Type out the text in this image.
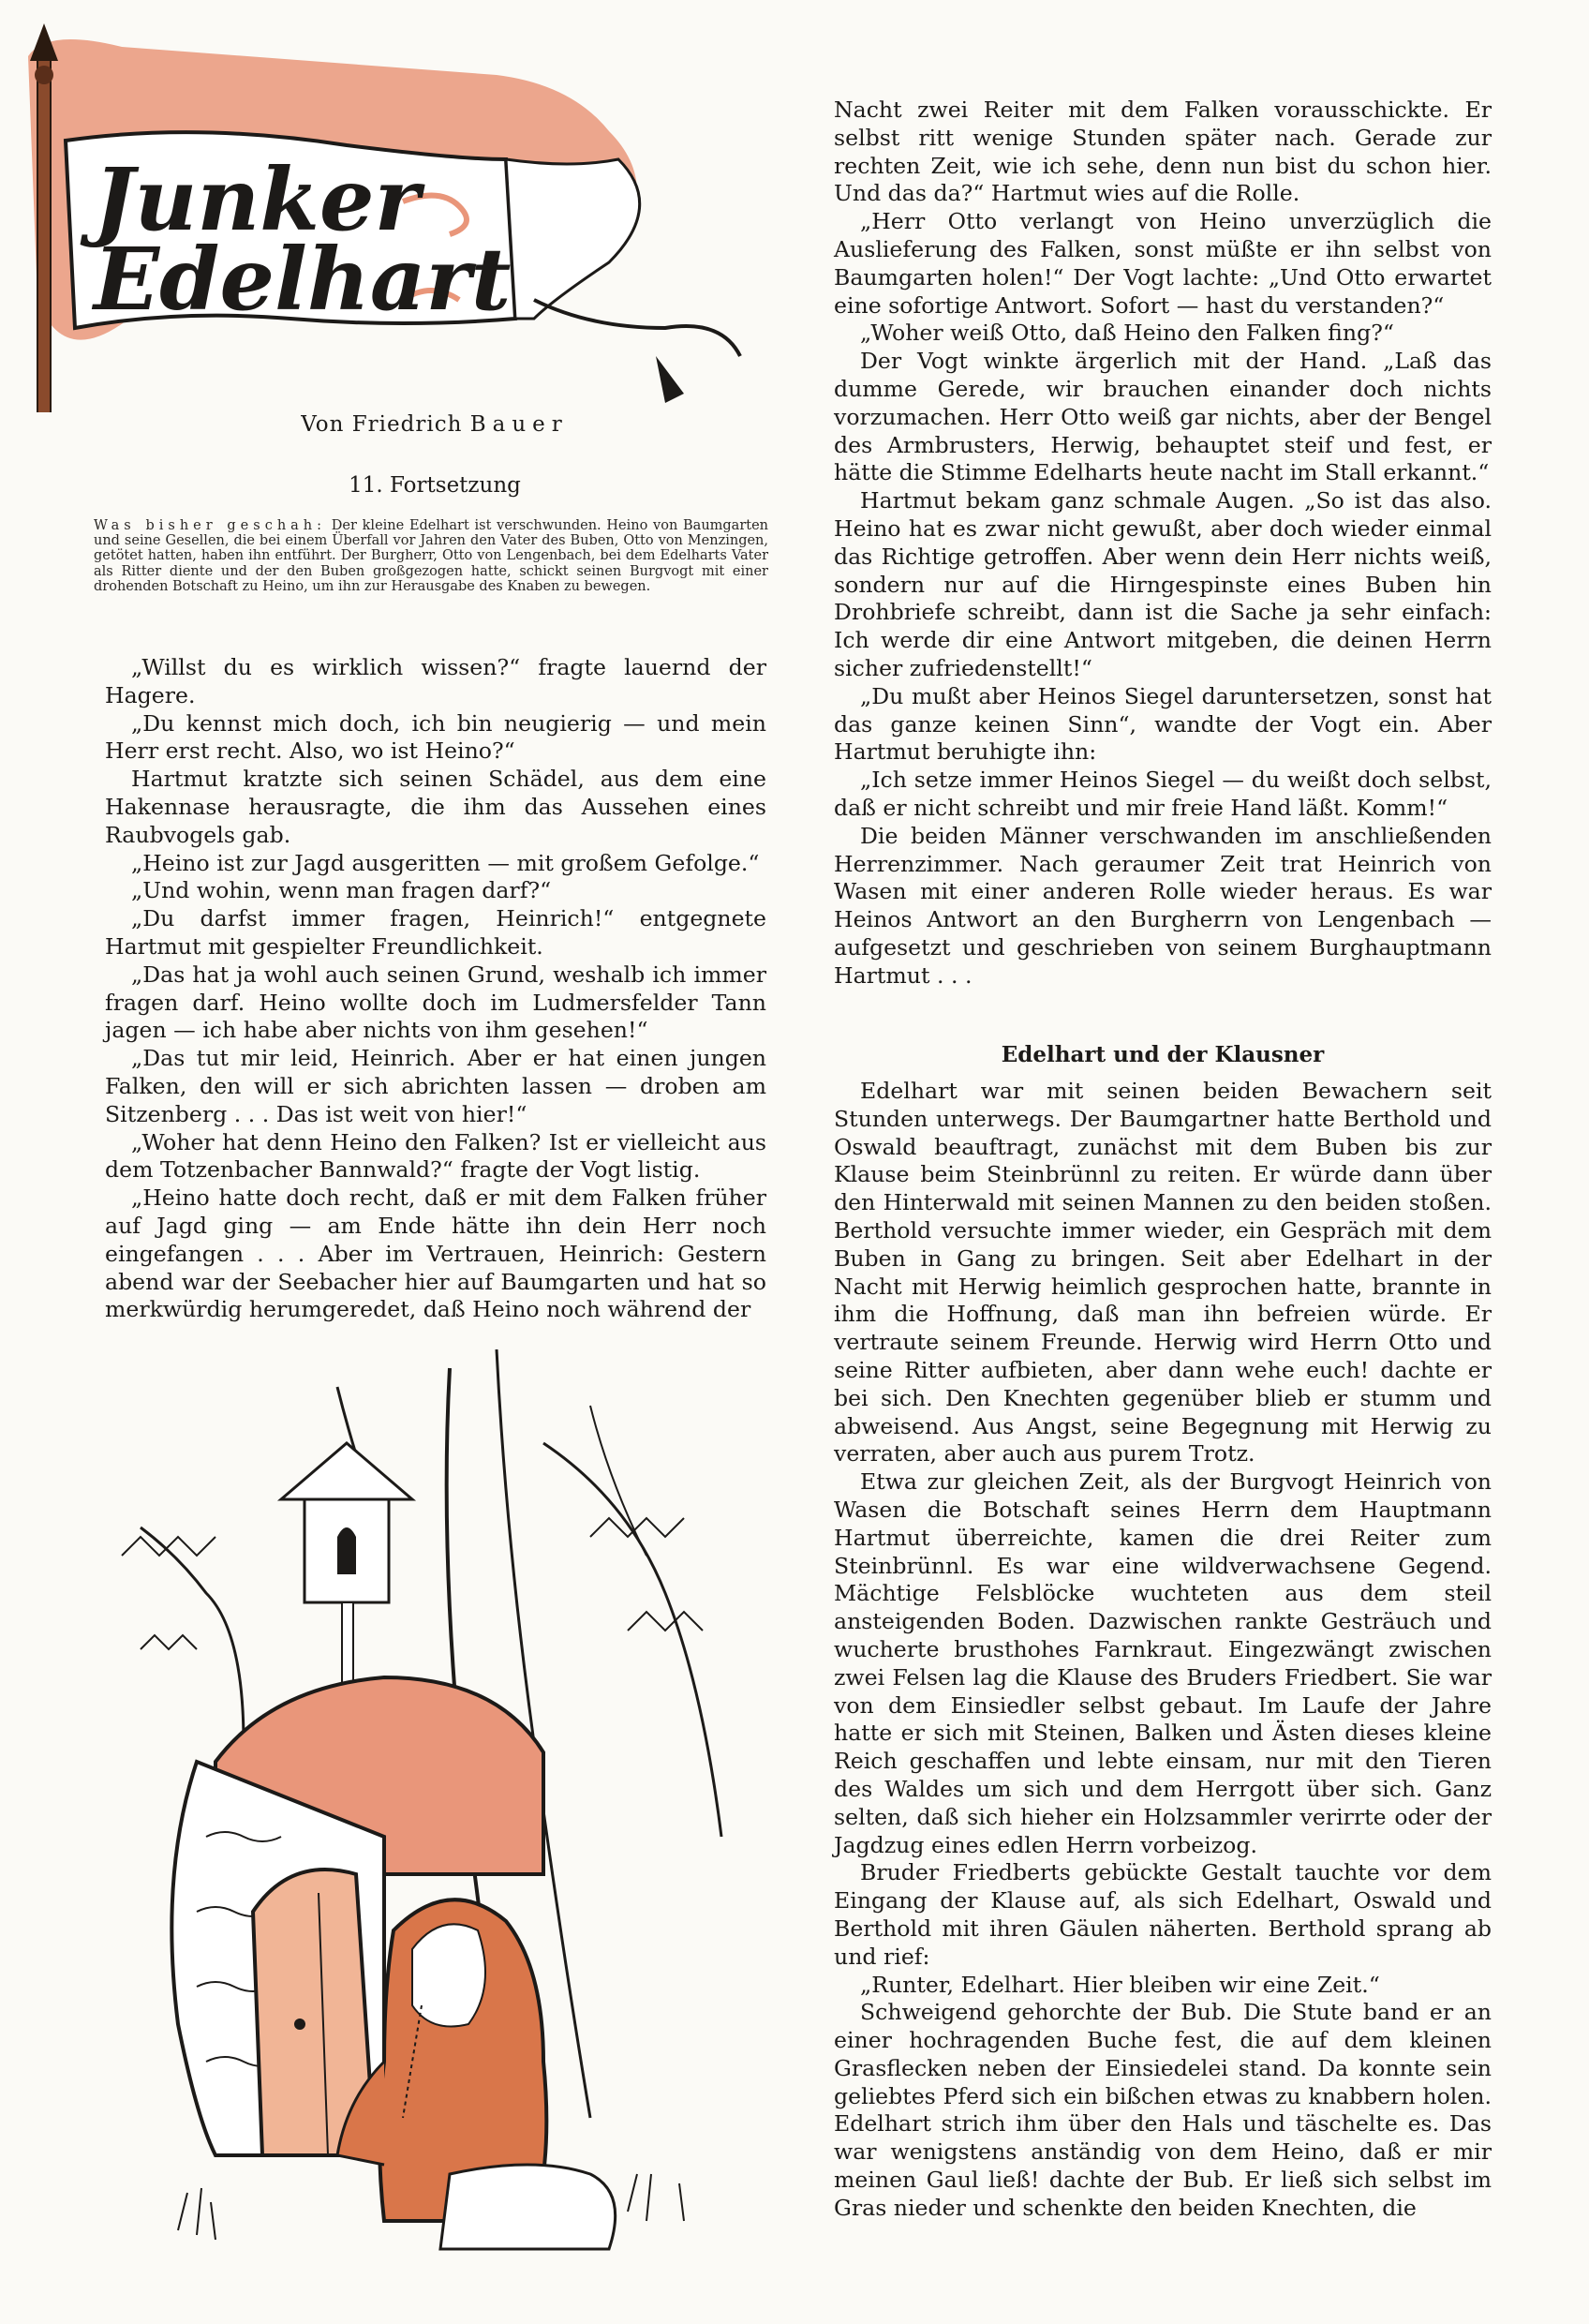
Junker
Edelhart
Von Friedrich Bauer
11. Fortsetzung
Was bisher geschah: Der kleine Edelhart ist verschwunden. Heino von Baumgarten und seine Gesellen, die bei einem Überfall vor Jahren den Vater des Buben, Otto von Menzingen, getötet hatten, haben ihn entführt. Der Burgherr, Otto von Lengenbach, bei dem Edelharts Vater als Ritter diente und der den Buben großgezogen hatte, schickt seinen Burgvogt mit einer drohenden Botschaft zu Heino, um ihn zur Herausgabe des Knaben zu bewegen.

„Willst du es wirklich wissen?“ fragte lauernd der Hagere.

„Du kennst mich doch, ich bin neugierig — und mein Herr erst recht. Also, wo ist Heino?“

Hartmut kratzte sich seinen Schädel, aus dem eine Hakennase herausragte, die ihm das Aussehen eines Raubvogels gab.

„Heino ist zur Jagd ausgeritten — mit großem Gefolge.“

„Und wohin, wenn man fragen darf?“

„Du darfst immer fragen, Heinrich!“ entgegnete Hartmut mit gespielter Freundlichkeit.

„Das hat ja wohl auch seinen Grund, weshalb ich immer fragen darf. Heino wollte doch im Ludmersfelder Tann jagen — ich habe aber nichts von ihm gesehen!“

„Das tut mir leid, Heinrich. Aber er hat einen jungen Falken, den will er sich abrichten lassen — droben am Sitzenberg . . . Das ist weit von hier!“

„Woher hat denn Heino den Falken? Ist er vielleicht aus dem Totzenbacher Bannwald?“ fragte der Vogt listig.

„Heino hatte doch recht, daß er mit dem Falken früher auf Jagd ging — am Ende hätte ihn dein Herr noch eingefangen . . . Aber im Vertrauen, Heinrich: Gestern abend war der Seebacher hier auf Baumgarten und hat so merkwürdig herumgeredet, daß Heino noch während der

Nacht zwei Reiter mit dem Falken vorausschickte. Er selbst ritt wenige Stunden später nach. Gerade zur rechten Zeit, wie ich sehe, denn nun bist du schon hier. Und das da?“ Hartmut wies auf die Rolle.

„Herr Otto verlangt von Heino unverzüglich die Auslieferung des Falken, sonst müßte er ihn selbst von Baumgarten holen!“ Der Vogt lachte: „Und Otto erwartet eine sofortige Antwort. Sofort — hast du verstanden?“

„Woher weiß Otto, daß Heino den Falken fing?“

Der Vogt winkte ärgerlich mit der Hand. „Laß das dumme Gerede, wir brauchen einander doch nichts vorzumachen. Herr Otto weiß gar nichts, aber der Bengel des Armbrusters, Herwig, behauptet steif und fest, er hätte die Stimme Edelharts heute nacht im Stall erkannt.“

Hartmut bekam ganz schmale Augen. „So ist das also. Heino hat es zwar nicht gewußt, aber doch wieder einmal das Richtige getroffen. Aber wenn dein Herr nichts weiß, sondern nur auf die Hirngespinste eines Buben hin Drohbriefe schreibt, dann ist die Sache ja sehr einfach: Ich werde dir eine Antwort mitgeben, die deinen Herrn sicher zufriedenstellt!“

„Du mußt aber Heinos Siegel daruntersetzen, sonst hat das ganze keinen Sinn“, wandte der Vogt ein. Aber Hartmut beruhigte ihn:

„Ich setze immer Heinos Siegel — du weißt doch selbst, daß er nicht schreibt und mir freie Hand läßt. Komm!“

Die beiden Männer verschwanden im anschließenden Herrenzimmer. Nach geraumer Zeit trat Heinrich von Wasen mit einer anderen Rolle wieder heraus. Es war Heinos Antwort an den Burgherrn von Lengenbach — aufgesetzt und geschrieben von seinem Burghauptmann Hartmut . . .

Edelhart und der Klausner

Edelhart war mit seinen beiden Bewachern seit Stunden unterwegs. Der Baumgartner hatte Berthold und Oswald beauftragt, zunächst mit dem Buben bis zur Klause beim Steinbrünnl zu reiten. Er würde dann über den Hinterwald mit seinen Mannen zu den beiden stoßen. Berthold versuchte immer wieder, ein Gespräch mit dem Buben in Gang zu bringen. Seit aber Edelhart in der Nacht mit Herwig heimlich gesprochen hatte, brannte in ihm die Hoffnung, daß man ihn befreien würde. Er vertraute seinem Freunde. Herwig wird Herrn Otto und seine Ritter aufbieten, aber dann wehe euch! dachte er bei sich. Den Knechten gegenüber blieb er stumm und abweisend. Aus Angst, seine Begegnung mit Herwig zu verraten, aber auch aus purem Trotz.

Etwa zur gleichen Zeit, als der Burgvogt Heinrich von Wasen die Botschaft seines Herrn dem Hauptmann Hartmut überreichte, kamen die drei Reiter zum Steinbrünnl. Es war eine wildverwachsene Gegend. Mächtige Felsblöcke wuchteten aus dem steil ansteigenden Boden. Dazwischen rankte Gesträuch und wucherte brusthohes Farnkraut. Eingezwängt zwischen zwei Felsen lag die Klause des Bruders Friedbert. Sie war von dem Einsiedler selbst gebaut. Im Laufe der Jahre hatte er sich mit Steinen, Balken und Ästen dieses kleine Reich geschaffen und lebte einsam, nur mit den Tieren des Waldes um sich und dem Herrgott über sich. Ganz selten, daß sich hieher ein Holzsammler verirrte oder der Jagdzug eines edlen Herrn vorbeizog.

Bruder Friedberts gebückte Gestalt tauchte vor dem Eingang der Klause auf, als sich Edelhart, Oswald und Berthold mit ihren Gäulen näherten. Berthold sprang ab und rief:

„Runter, Edelhart. Hier bleiben wir eine Zeit.“

Schweigend gehorchte der Bub. Die Stute band er an einer hochragenden Buche fest, die auf dem kleinen Grasflecken neben der Einsiedelei stand. Da konnte sein geliebtes Pferd sich ein bißchen etwas zu knabbern holen. Edelhart strich ihm über den Hals und täschelte es. Das war wenigstens anständig von dem Heino, daß er mir meinen Gaul ließ! dachte der Bub. Er ließ sich selbst im Gras nieder und schenkte den beiden Knechten, die
